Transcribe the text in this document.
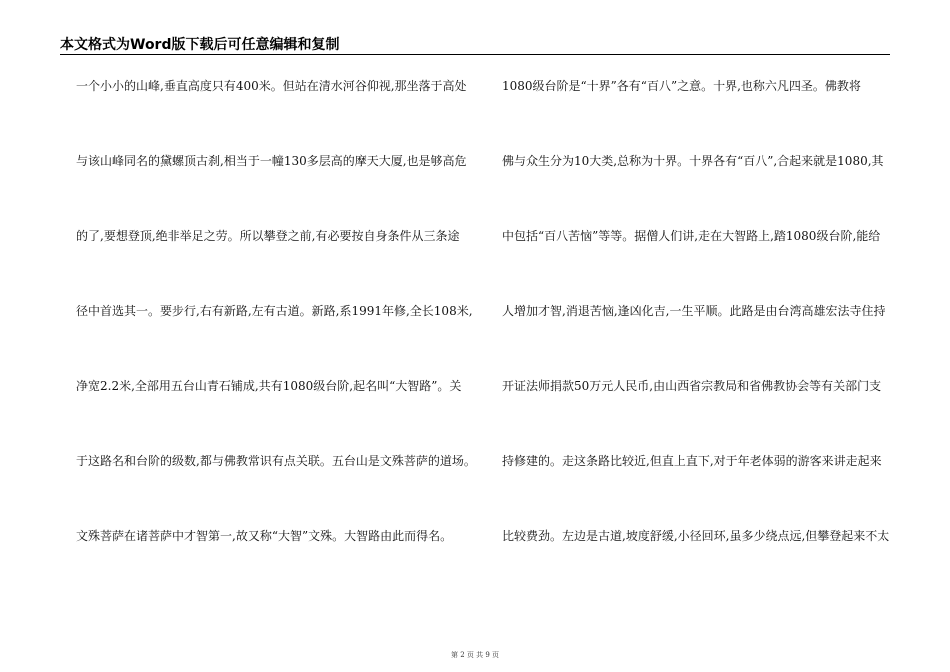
本文格式为Word版下载后可任意编辑和复制
一个小小的山峰,垂直高度只有400米。但站在清水河谷仰视,那坐落于高处
与该山峰同名的黛螺顶古刹,相当于一幢130多层高的摩天大厦,也是够高危
的了,要想登顶,绝非举足之劳。所以攀登之前,有必要按自身条件从三条途
径中首选其一。要步行,右有新路,左有古道。新路,系1991年修,全长108米,
净宽2.2米,全部用五台山青石铺成,共有1080级台阶,起名叫“大智路”。关
于这路名和台阶的级数,都与佛教常识有点关联。五台山是文殊菩萨的道场。
文殊菩萨在诸菩萨中才智第一,故又称“大智”文殊。大智路由此而得名。
1080级台阶是“十界”各有“百八”之意。十界,也称六凡四圣。佛教将
佛与众生分为10大类,总称为十界。十界各有“百八”,合起来就是1080,其
中包括“百八苦恼”等等。据僧人们讲,走在大智路上,踏1080级台阶,能给
人增加才智,消退苦恼,逢凶化吉,一生平顺。此路是由台湾高雄宏法寺住持
开证法师捐款50万元人民币,由山西省宗教局和省佛教协会等有关部门支
持修建的。走这条路比较近,但直上直下,对于年老体弱的游客来讲走起来
比较费劲。左边是古道,坡度舒缓,小径回环,虽多少绕点远,但攀登起来不太
第 2 页 共 9 页
